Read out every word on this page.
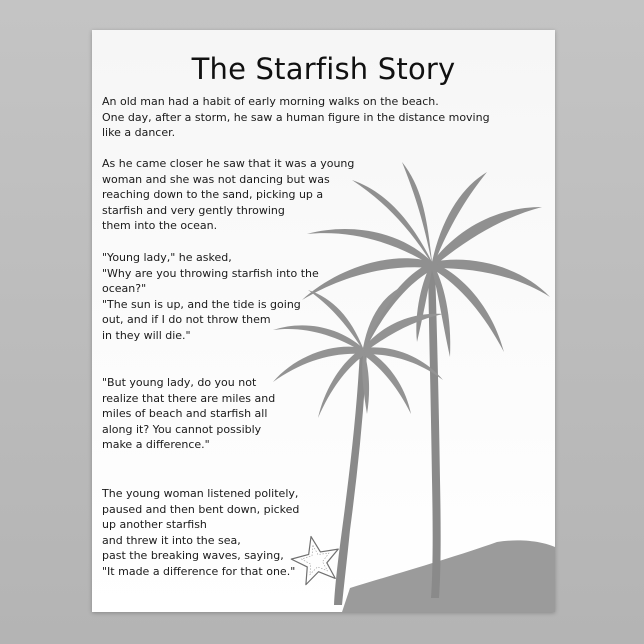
The Starfish Story

An old man had a habit of early morning walks on the beach.
One day, after a storm, he saw a human figure in the distance moving
like a dancer.

As he came closer he saw that it was a young
woman and she was not dancing but was
reaching down to the sand, picking up a
starfish and very gently throwing
them into the ocean.

"Young lady," he asked,
"Why are you throwing starfish into the
ocean?"
"The sun is up, and the tide is going
out, and if I do not throw them
in they will die."

"But young lady, do you not
realize that there are miles and
miles of beach and starfish all
along it? You cannot possibly
make a difference."

The young woman listened politely,
paused and then bent down, picked
up another starfish
and threw it into the sea,
past the breaking waves, saying,
"It made a difference for that one."
